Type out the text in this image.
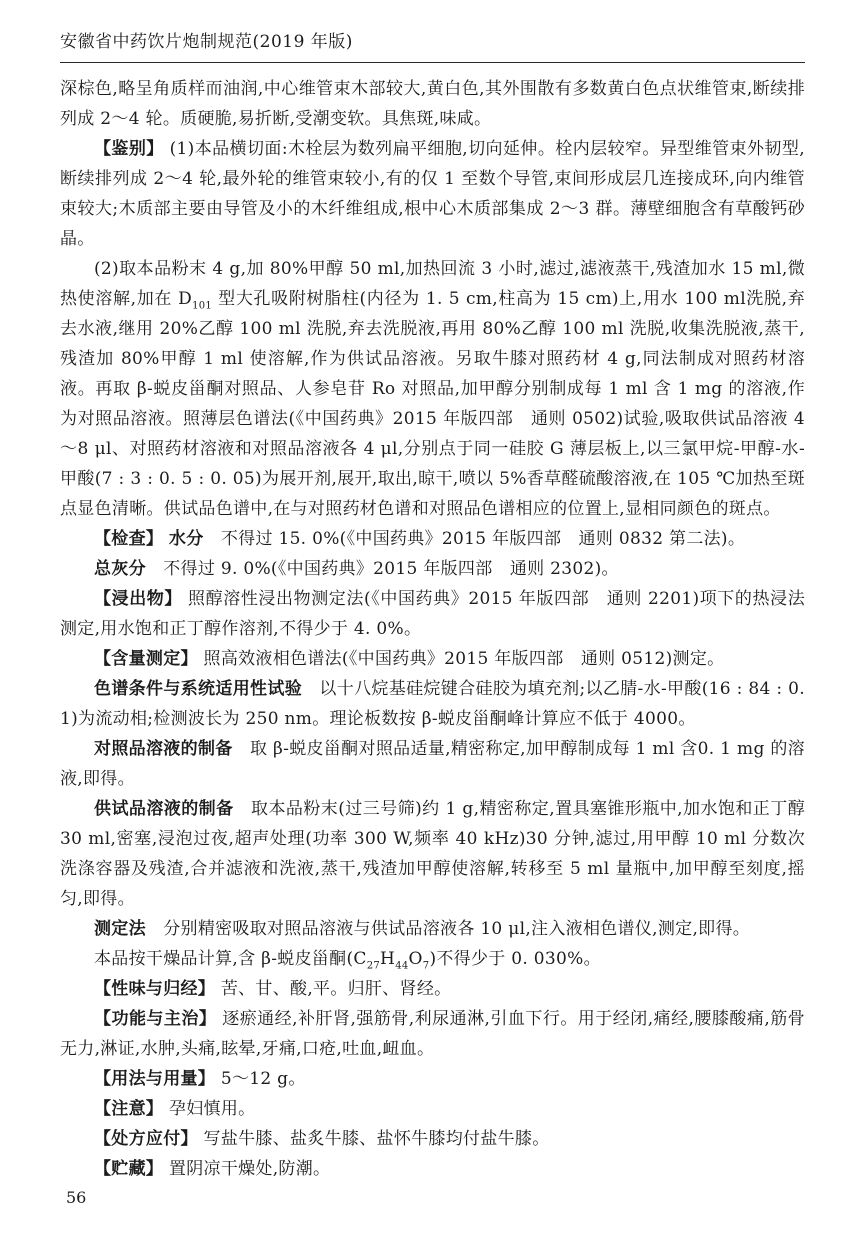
安徽省中药饮片炮制规范(2019 年版)

深棕色,略呈角质样而油润,中心维管束木部较大,黄白色,其外围散有多数黄白色点状维管束,断续排列成 2～4 轮。质硬脆,易折断,受潮变软。具焦斑,味咸。

【鉴别】 (1)本品横切面:木栓层为数列扁平细胞,切向延伸。栓内层较窄。异型维管束外韧型,断续排列成 2～4 轮,最外轮的维管束较小,有的仅 1 至数个导管,束间形成层几连接成环,向内维管束较大;木质部主要由导管及小的木纤维组成,根中心木质部集成 2～3 群。薄壁细胞含有草酸钙砂晶。

(2)取本品粉末 4 g,加 80%甲醇 50 ml,加热回流 3 小时,滤过,滤液蒸干,残渣加水 15 ml,微热使溶解,加在 $D_{101}$ 型大孔吸附树脂柱(内径为 1. 5 cm,柱高为 15 cm)上,用水 100 ml洗脱,弃去水液,继用 20%乙醇 100 ml 洗脱,弃去洗脱液,再用 80%乙醇 100 ml 洗脱,收集洗脱液,蒸干,残渣加 80%甲醇 1 ml 使溶解,作为供试品溶液。另取牛膝对照药材 4 g,同法制成对照药材溶液。再取 β-蜕皮甾酮对照品、人参皂苷 Ro 对照品,加甲醇分别制成每 1 ml 含 1 mg 的溶液,作为对照品溶液。照薄层色谱法(《中国药典》2015 年版四部　通则 0502)试验,吸取供试品溶液 4～8 μl、对照药材溶液和对照品溶液各 4 μl,分别点于同一硅胶 G 薄层板上,以三氯甲烷-甲醇-水-甲酸(7 : 3 : 0. 5 : 0. 05)为展开剂,展开,取出,晾干,喷以 5%香草醛硫酸溶液,在 105 ℃加热至斑点显色清晰。供试品色谱中,在与对照药材色谱和对照品色谱相应的位置上,显相同颜色的斑点。

【检查】 水分　 不得过 15. 0%(《中国药典》2015 年版四部　通则 0832 第二法)。

总灰分　 不得过 9. 0%(《中国药典》2015 年版四部　通则 2302)。

【浸出物】 照醇溶性浸出物测定法(《中国药典》2015 年版四部　通则 2201)项下的热浸法测定,用水饱和正丁醇作溶剂,不得少于 4. 0%。

【含量测定】 照高效液相色谱法(《中国药典》2015 年版四部　通则 0512)测定。

色谱条件与系统适用性试验　 以十八烷基硅烷键合硅胶为填充剂;以乙腈-水-甲酸(16 : 84 : 0. 1)为流动相;检测波长为 250 nm。理论板数按 β-蜕皮甾酮峰计算应不低于 4000。

对照品溶液的制备　 取 β-蜕皮甾酮对照品适量,精密称定,加甲醇制成每 1 ml 含0. 1 mg 的溶液,即得。

供试品溶液的制备　 取本品粉末(过三号筛)约 1 g,精密称定,置具塞锥形瓶中,加水饱和正丁醇 30 ml,密塞,浸泡过夜,超声处理(功率 300 W,频率 40 kHz)30 分钟,滤过,用甲醇 10 ml 分数次洗涤容器及残渣,合并滤液和洗液,蒸干,残渣加甲醇使溶解,转移至 5 ml 量瓶中,加甲醇至刻度,摇匀,即得。

测定法　 分别精密吸取对照品溶液与供试品溶液各 10 μl,注入液相色谱仪,测定,即得。

本品按干燥品计算,含 β-蜕皮甾酮$(C_{27}H_{44}O_7)$不得少于 0. 030%。

【性味与归经】 苦、甘、酸,平。归肝、肾经。

【功能与主治】 逐瘀通经,补肝肾,强筋骨,利尿通淋,引血下行。用于经闭,痛经,腰膝酸痛,筋骨无力,淋证,水肿,头痛,眩晕,牙痛,口疮,吐血,衄血。

【用法与用量】 5～12 g。

【注意】 孕妇慎用。

【处方应付】 写盐牛膝、盐炙牛膝、盐怀牛膝均付盐牛膝。

【贮藏】 置阴凉干燥处,防潮。

56
